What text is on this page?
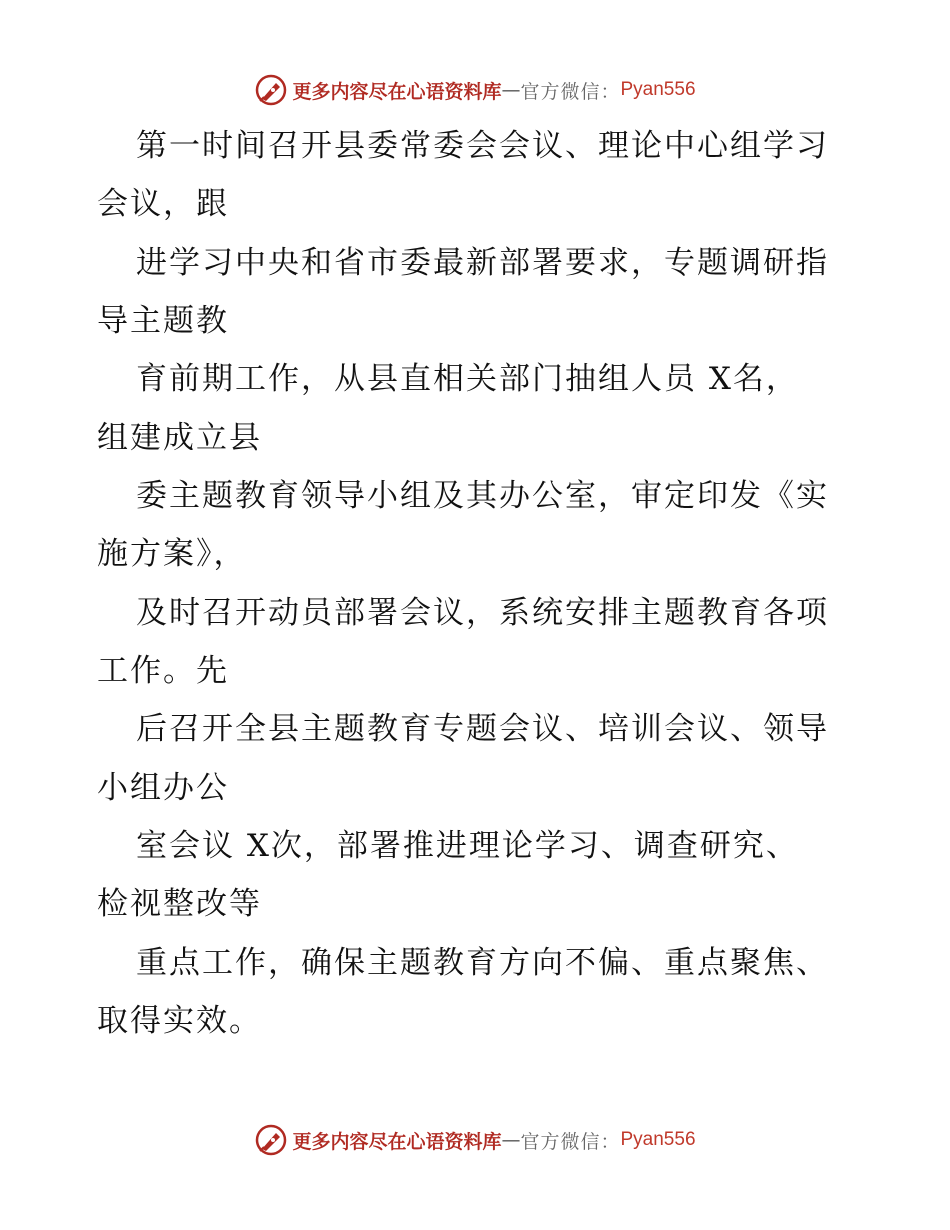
更多内容尽在心语资料库 — 官方微信： Pyan556
第一时间召开县委常委会会议、理论中心组学习
会议，跟
进学习中央和省市委最新部署要求，专题调研指
导主题教
育前期工作，从县直相关部门抽组人员 X名，
组建成立县
委主题教育领导小组及其办公室，审定印发《实
施方案》，
及时召开动员部署会议，系统安排主题教育各项
工作。先
后召开全县主题教育专题会议、培训会议、领导
小组办公
室会议 X次，部署推进理论学习、调查研究、
检视整改等
重点工作，确保主题教育方向不偏、重点聚焦、
取得实效。
更多内容尽在心语资料库 — 官方微信： Pyan556
